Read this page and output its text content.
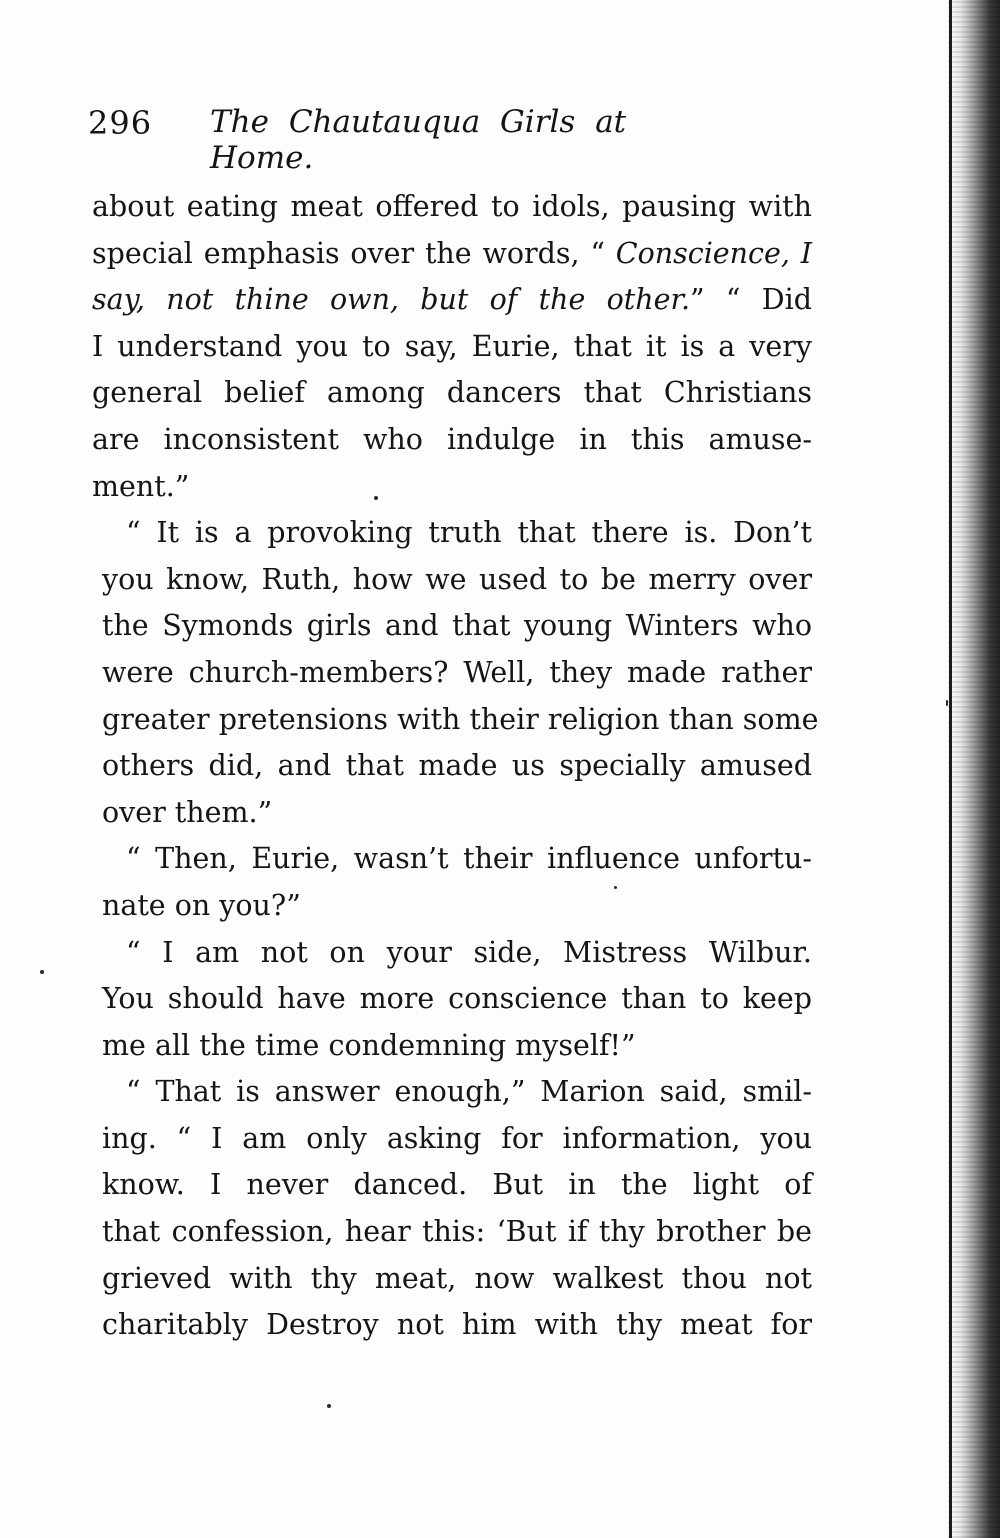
296 The Chautauqua Girls at Home.
about eating meat offered to idols, pausing with
special emphasis over the words, “ Conscience, I
say, not thine own, but of the other.” “ Did
I understand you to say, Eurie, that it is a very
general belief among dancers that Christians
are inconsistent who indulge in this amuse-
ment.”
“ It is a provoking truth that there is. Don’t
you know, Ruth, how we used to be merry over
the Symonds girls and that young Winters who
were church-members? Well, they made rather
greater pretensions with their religion than some
others did, and that made us specially amused
over them.”
“ Then, Eurie, wasn’t their influence unfortu-
nate on you?”
“ I am not on your side, Mistress Wilbur.
You should have more conscience than to keep
me all the time condemning myself!”
“ That is answer enough,” Marion said, smil-
ing. “ I am only asking for information, you
know. I never danced. But in the light of
that confession, hear this: ‘But if thy brother be
grieved with thy meat, now walkest thou not
charitably Destroy not him with thy meat for
